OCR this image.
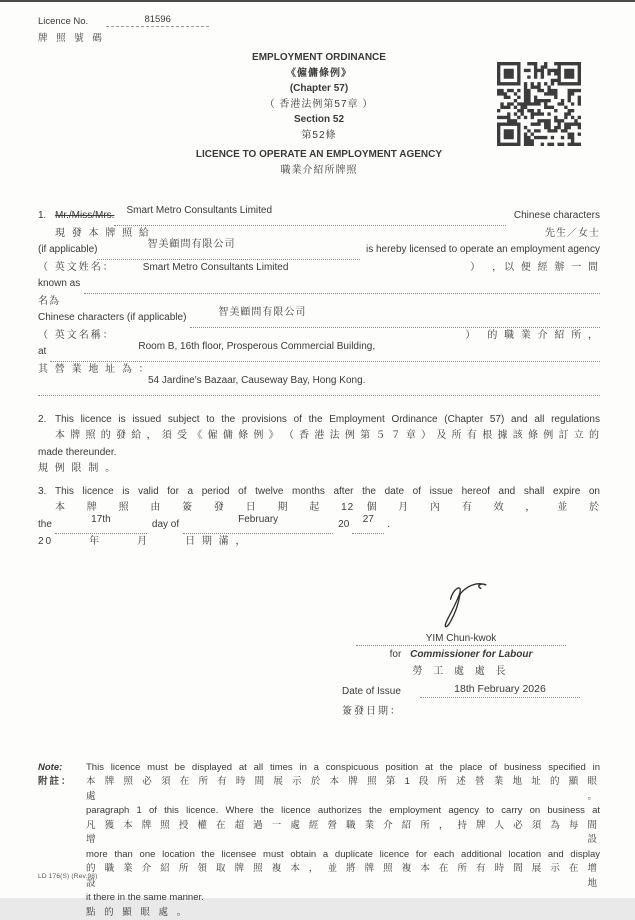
Licence No.	81596
牌 照 號 碼
EMPLOYMENT ORDINANCE
《僱傭條例》
(Chapter 57)
（ 香港法例第57章 ）
Section 52
第52條
LICENCE TO OPERATE AN EMPLOYMENT AGENCY
職業介紹所牌照
1. Mr./Miss/Mrs.	Smart Metro Consultants Limited	Chinese characters
現 發 本 牌 照 給	先生／女士
(if applicable)	智美顧問有限公司	is hereby licensed to operate an employment agency
（ 英文姓名：	Smart Metro Consultants Limited	） ，以 便 經 辦 一 間
known as

名為
Chinese characters (if applicable)	智美顧問有限公司
（ 英文名稱：	） 的 職 業 介 紹 所 ，
at	Room B, 16th floor, Prosperous Commercial Building,
其 營 業 地 址 為 ：
54 Jardine's Bazaar, Causeway Bay, Hong Kong.
2. This licence is issued subject to the provisions of the Employment Ordinance (Chapter 57) and all regulations
本 牌 照 的 發 給 ， 須 受 《 僱 傭 條 例 》 （ 香 港 法 例 第 ５ ７ 章 ） 及 所 有 根 據 該 條 例 訂 立 的
made thereunder.
規 例 限 制 。
3. This licence is valid for a period of twelve months after the date of issue hereof and shall expire on
本 牌 照 由 簽 發 日 期 起 12 個 月 內 有 效 ， 並 於
the	17th	day of	February	20	27	.
20　　　年　　　月　　　日 期 滿 ，
YIM Chun-kwok
for Commissioner for Labour
勞 工 處 處 長
Date of Issue	18th February 2026
簽發日期：
Note:
附註：
This licence must be displayed at all times in a conspicuous position at the place of business specified in
本 牌 照 必 須 在 所 有 時 間 展 示 於 本 牌 照 第 1 段 所 述 營 業 地 址 的 顯 眼 處 。
paragraph 1 of this licence. Where the licence authorizes the employment agency to carry on business at
凡 獲 本 牌 照 授 權 在 超 過 一 處 經 營 職 業 介 紹 所 ， 持 牌 人 必 須 為 每 間 增 設
more than one location the licensee must obtain a duplicate licence for each additional location and display
的 職 業 介 紹 所 領 取 牌 照 複 本 ， 並 將 牌 照 複 本 在 所 有 時 間 展 示 在 增 設 地
it there in the same manner.
點 的 顯 眼 處 。
LD 176(S) (Rev.98)
